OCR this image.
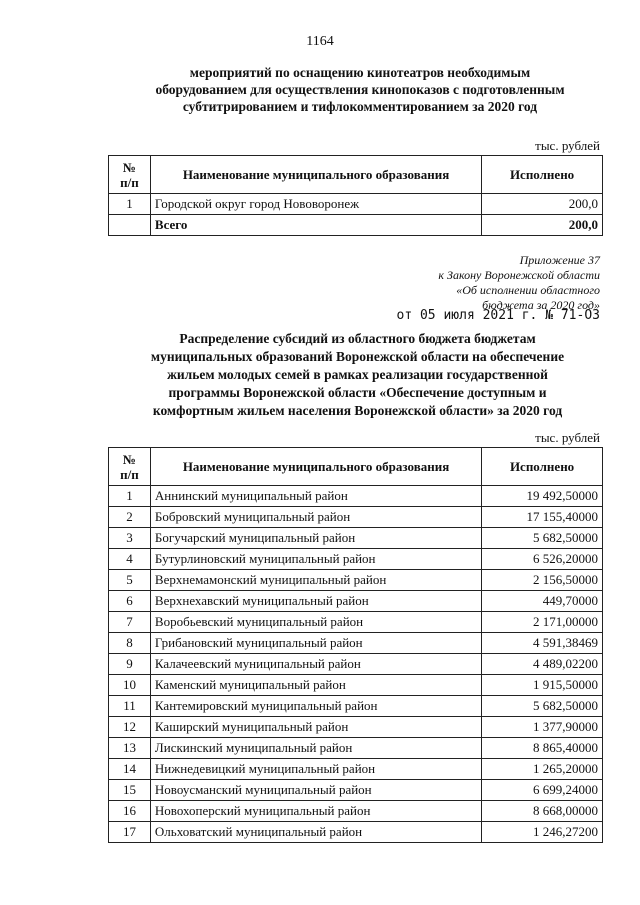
1164
мероприятий по оснащению кинотеатров необходимым
оборудованием для осуществления кинопоказов с подготовленным
субтитрированием и тифлокомментированием за 2020 год
тыс. рублей
№
п/п	Наименование муниципального образования	Исполнено
1	Городской округ город Нововоронеж	200,0
	Всего	200,0
Приложение 37
к Закону Воронежской области
«Об исполнении областного
бюджета за 2020 год»
от 05 июля 2021 г. № 71-ОЗ
Распределение субсидий из областного бюджета бюджетам
муниципальных образований Воронежской области на обеспечение
жильем молодых семей в рамках реализации государственной
программы Воронежской области «Обеспечение доступным и
комфортным жильем населения Воронежской области» за 2020 год
тыс. рублей
№
п/п	Наименование муниципального образования	Исполнено
1	Аннинский муниципальный район	19 492,50000
2	Бобровский муниципальный район	17 155,40000
3	Богучарский муниципальный район	5 682,50000
4	Бутурлиновский муниципальный район	6 526,20000
5	Верхнемамонский муниципальный район	2 156,50000
6	Верхнехавский муниципальный район	449,70000
7	Воробьевский муниципальный район	2 171,00000
8	Грибановский муниципальный район	4 591,38469
9	Калачеевский муниципальный район	4 489,02200
10	Каменский муниципальный район	1 915,50000
11	Кантемировский муниципальный район	5 682,50000
12	Каширский муниципальный район	1 377,90000
13	Лискинский муниципальный район	8 865,40000
14	Нижнедевицкий муниципальный район	1 265,20000
15	Новоусманский муниципальный район	6 699,24000
16	Новохоперский муниципальный район	8 668,00000
17	Ольховатский муниципальный район	1 246,27200
